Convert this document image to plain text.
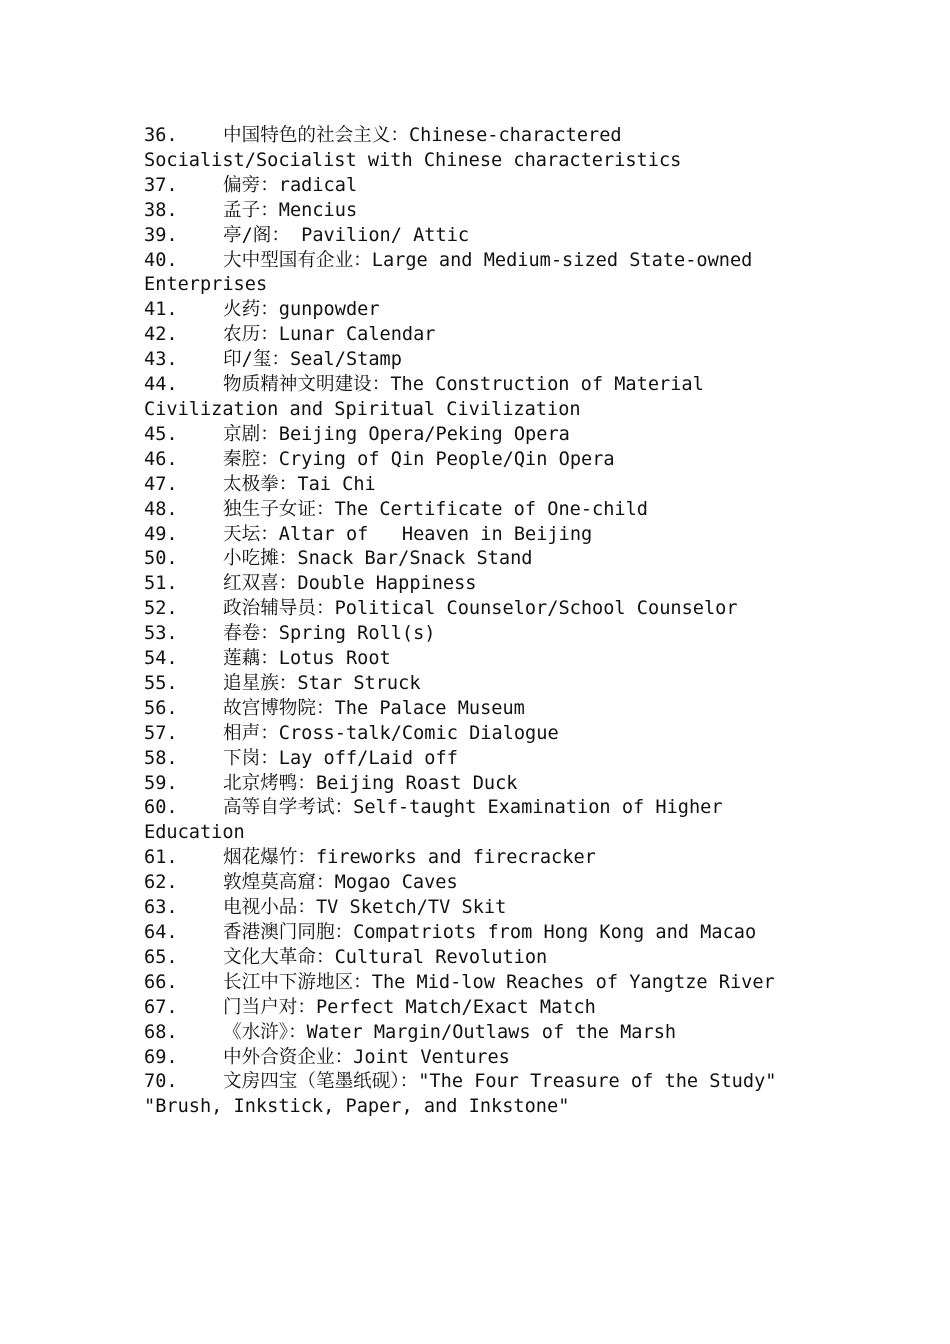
36. 中国特色的社会主义：Chinese-charactered Socialist/Socialist with Chinese characteristics
37. 偏旁：radical
38. 孟子：Mencius
39. 亭/阁： Pavilion/ Attic
40. 大中型国有企业：Large and Medium-sized State-owned Enterprises
41. 火药：gunpowder
42. 农历：Lunar Calendar
43. 印/玺：Seal/Stamp
44. 物质精神文明建设：The Construction of Material Civilization and Spiritual Civilization
45. 京剧：Beijing Opera/Peking Opera
46. 秦腔：Crying of Qin People/Qin Opera
47. 太极拳：Tai Chi
48. 独生子女证：The Certificate of One-child
49. 天坛：Altar of   Heaven in Beijing
50. 小吃摊：Snack Bar/Snack Stand
51. 红双喜：Double Happiness
52. 政治辅导员：Political Counselor/School Counselor
53. 春卷：Spring Roll(s)
54. 莲藕：Lotus Root
55. 追星族：Star Struck
56. 故宫博物院：The Palace Museum
57. 相声：Cross-talk/Comic Dialogue
58. 下岗：Lay off/Laid off
59. 北京烤鸭：Beijing Roast Duck
60. 高等自学考试：Self-taught Examination of Higher Education
61. 烟花爆竹：fireworks and firecracker
62. 敦煌莫高窟：Mogao Caves
63. 电视小品：TV Sketch/TV Skit
64. 香港澳门同胞：Compatriots from Hong Kong and Macao
65. 文化大革命：Cultural Revolution
66. 长江中下游地区：The Mid-low Reaches of Yangtze River
67. 门当户对：Perfect Match/Exact Match
68. 《水浒》：Water Margin/Outlaws of the Marsh
69. 中外合资企业：Joint Ventures
70. 文房四宝（笔墨纸砚）："The Four Treasure of the Study" "Brush, Inkstick, Paper, and Inkstone"
